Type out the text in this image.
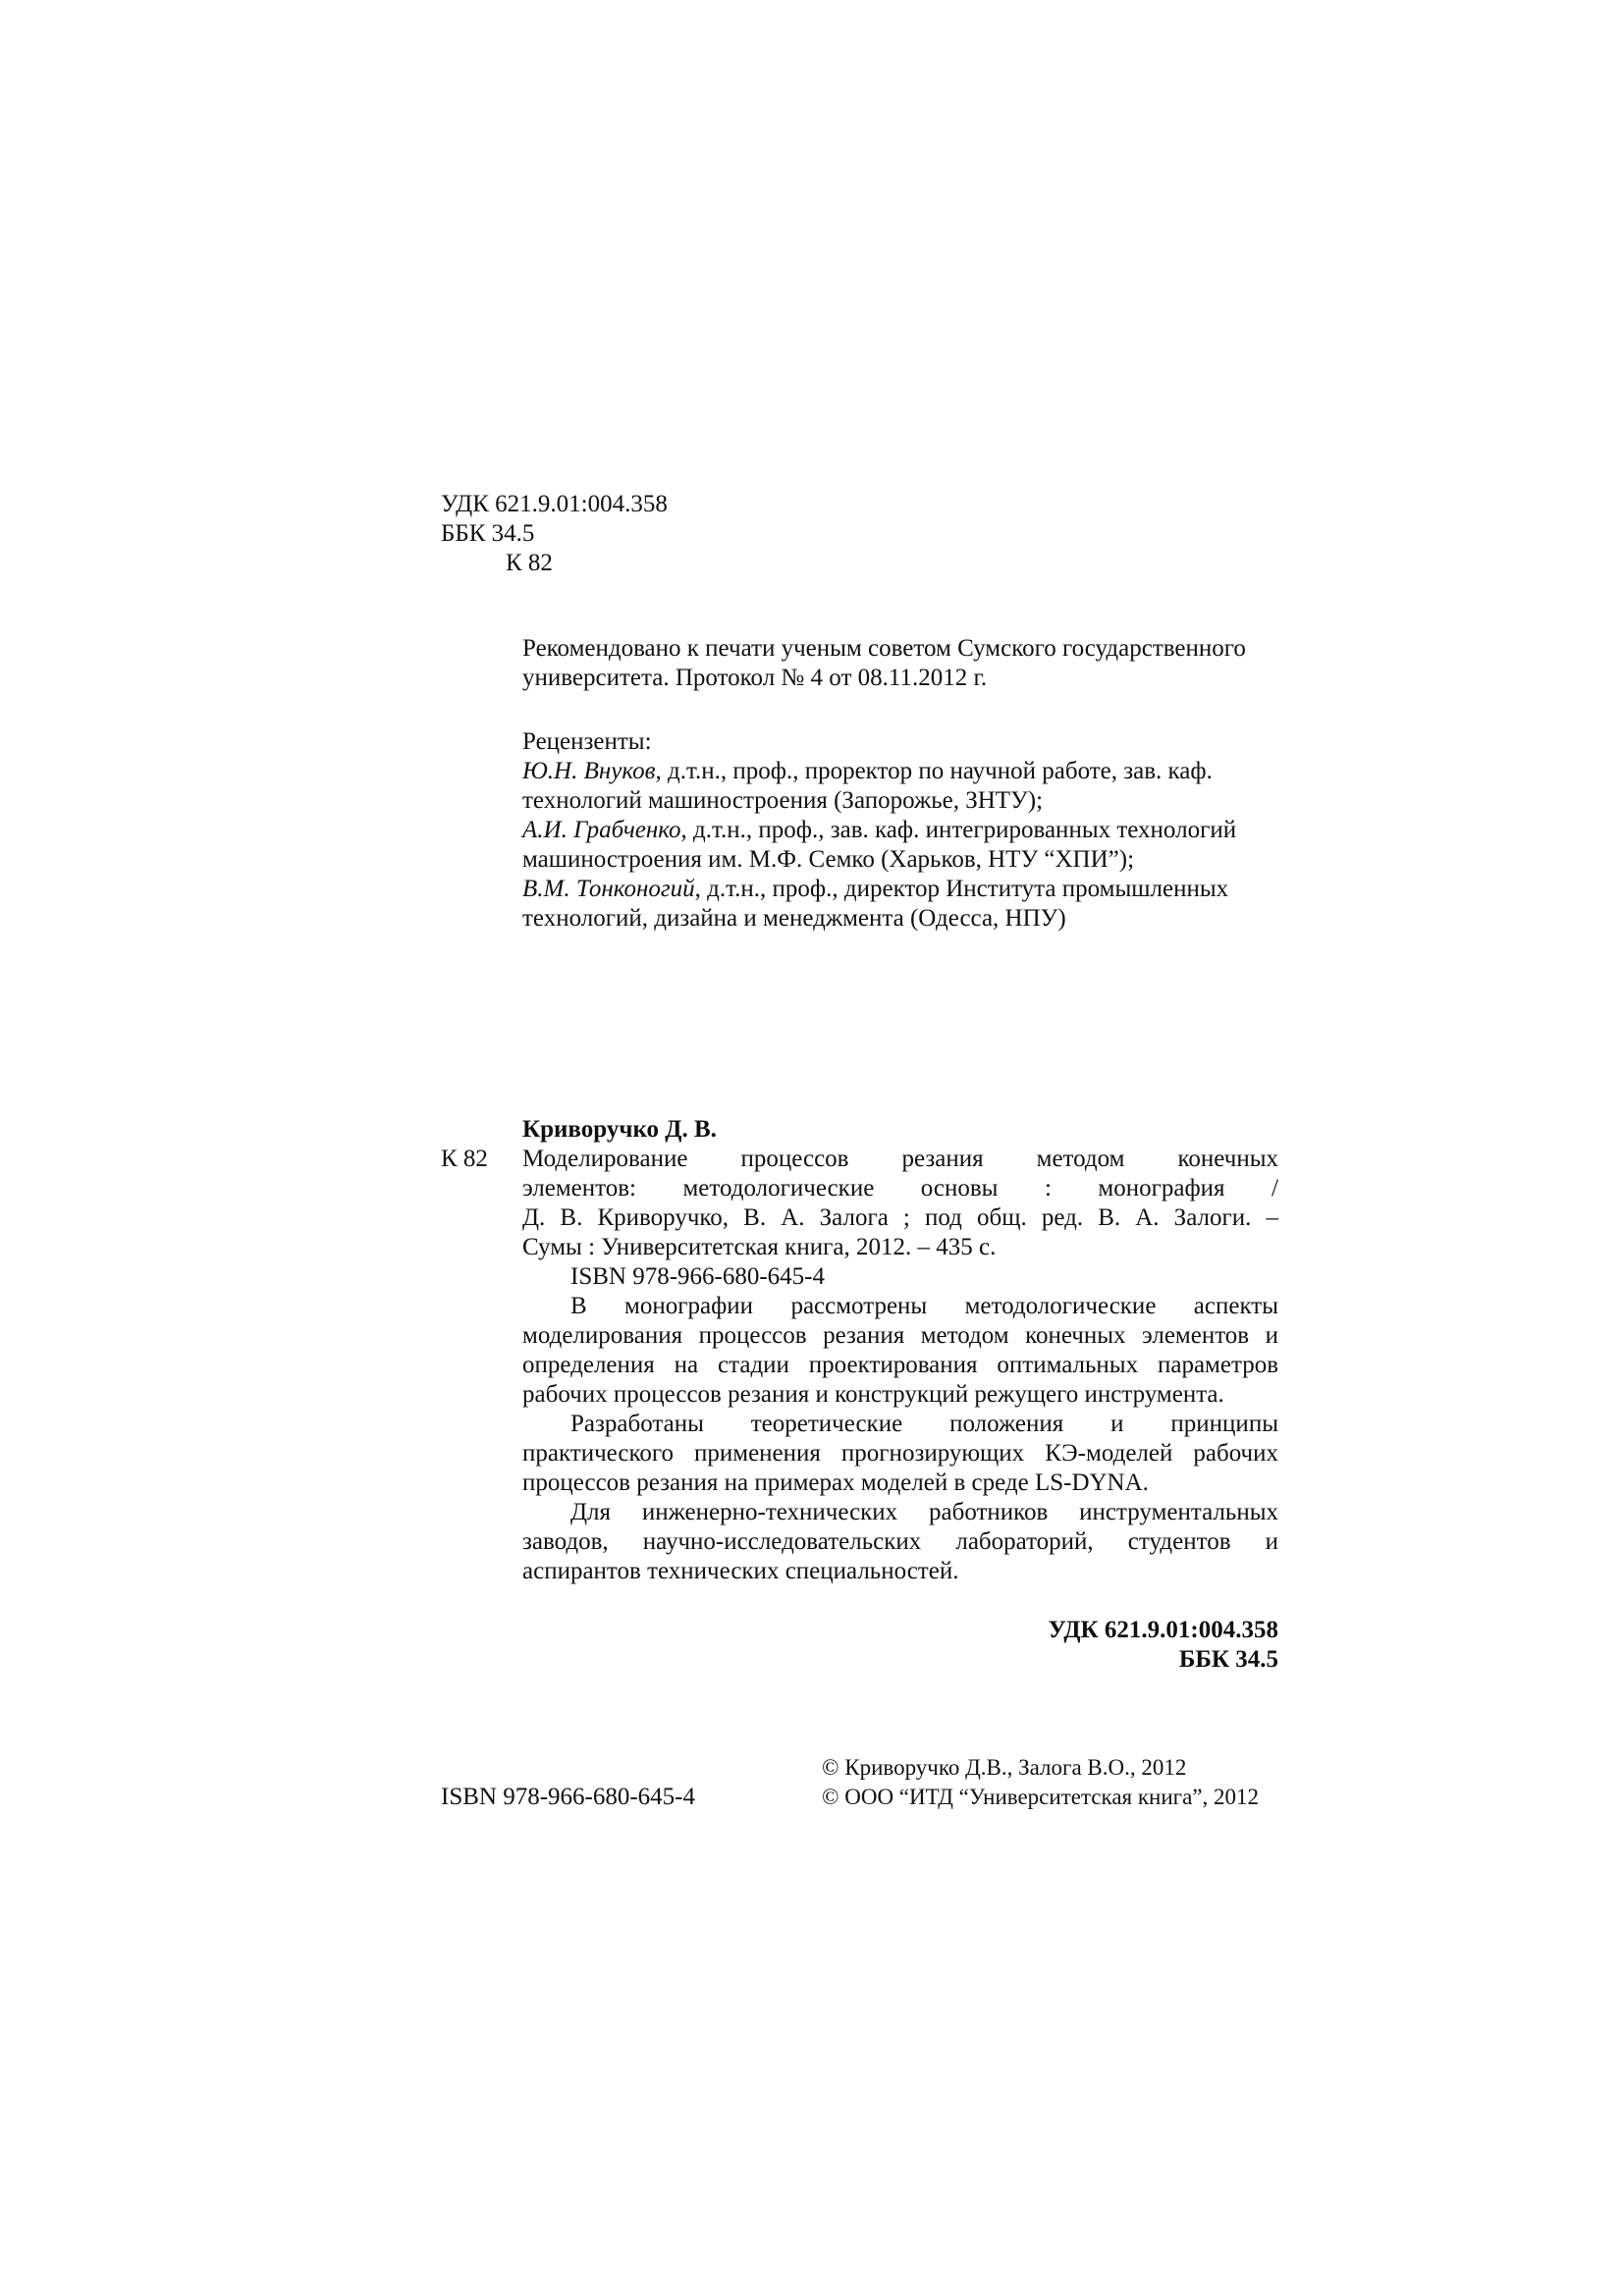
УДК 621.9.01:004.358
ББК 34.5
К 82
Рекомендовано к печати ученым советом Сумского государственного
университета. Протокол № 4 от 08.11.2012 г.
Рецензенты:
Ю.Н. Внуков, д.т.н., проф., проректор по научной работе, зав. каф.
технологий машиностроения (Запорожье, ЗНТУ);
А.И. Грабченко, д.т.н., проф., зав. каф. интегрированных технологий
машиностроения им. М.Ф. Семко (Харьков, НТУ “ХПИ”);
В.М. Тонконогий, д.т.н., проф., директор Института промышленных
технологий, дизайна и менеджмента (Одесса, НПУ)
Криворучко Д. В.
К 82 Моделирование процессов резания методом конечных
элементов: методологические основы : монография /
Д. В. Криворучко, В. А. Залога ; под общ. ред. В. А. Залоги. –
Сумы : Университетская книга, 2012. – 435 с.
ISBN 978-966-680-645-4
В монографии рассмотрены методологические аспекты
моделирования процессов резания методом конечных элементов и
определения на стадии проектирования оптимальных параметров
рабочих процессов резания и конструкций режущего инструмента.
Разработаны теоретические положения и принципы
практического применения прогнозирующих КЭ-моделей рабочих
процессов резания на примерах моделей в среде LS-DYNA.
Для инженерно-технических работников инструментальных
заводов, научно-исследовательских лабораторий, студентов и
аспирантов технических специальностей.
УДК 621.9.01:004.358
ББК 34.5
ISBN 978-966-680-645-4
© Криворучко Д.В., Залога В.О., 2012
© ООО “ИТД “Университетская книга”, 2012
